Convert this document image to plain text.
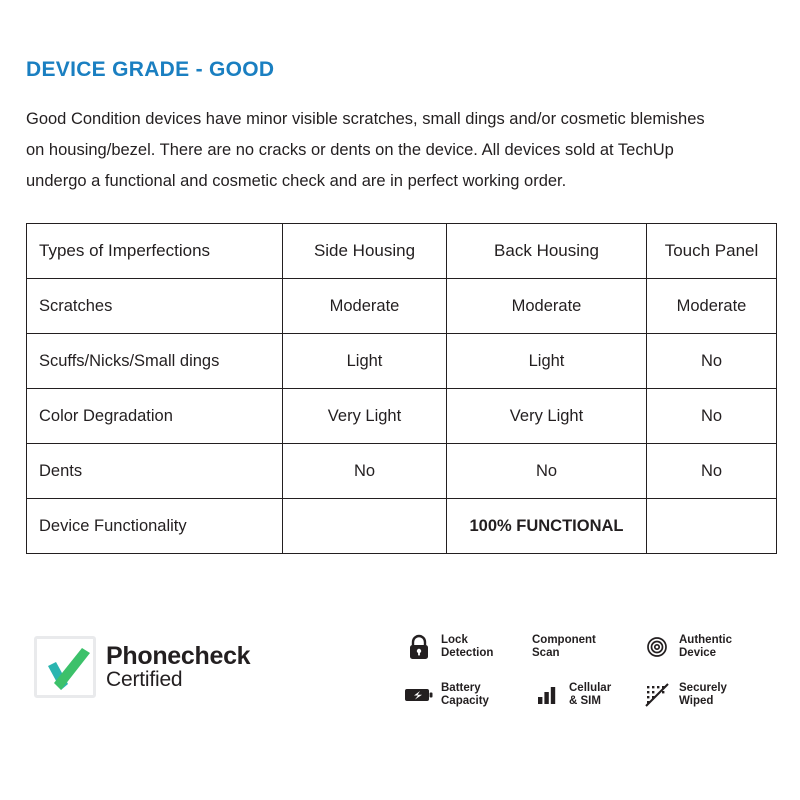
DEVICE GRADE - GOOD

Good Condition devices have minor visible scratches, small dings and/or cosmetic blemishes on housing/bezel. There are no cracks or dents on the device. All devices sold at TechUp undergo a functional and cosmetic check and are in perfect working order.

Types of Imperfections	Side Housing	Back Housing	Touch Panel
Scratches	Moderate	Moderate	Moderate
Scuffs/Nicks/Small dings	Light	Light	No
Color Degradation	Very Light	Very Light	No
Dents	No	No	No
Device Functionality		100% FUNCTIONAL	
Phonecheck
Certified
Lock
Detection
Component
Scan
Authentic
Device
Battery
Capacity
Cellular
& SIM
Securely
Wiped
